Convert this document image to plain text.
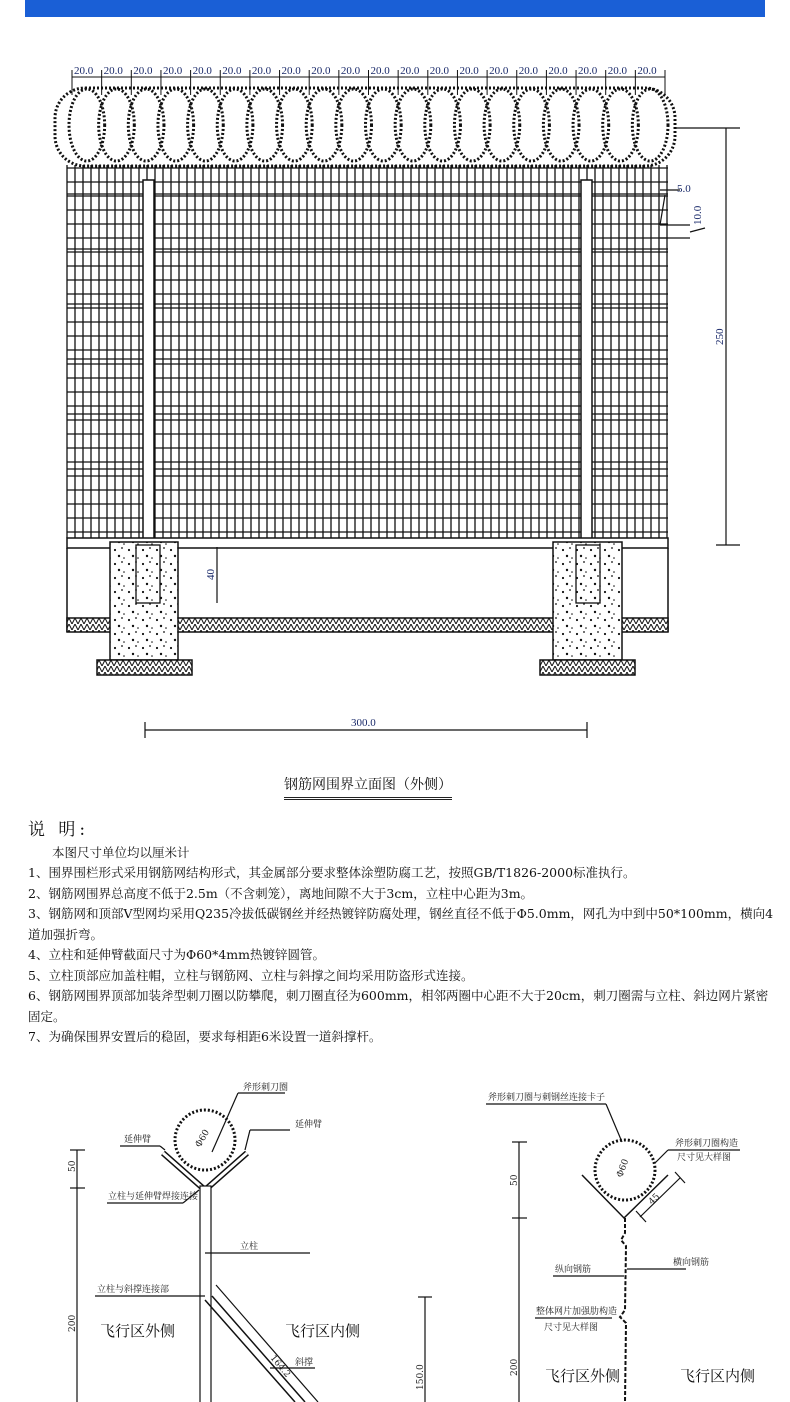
20.0 20.0 20.0 20.0 20.0 20.0 20.0 20.0 20.0 20.0 20.0 20.0 20.0 20.0 20.0 20.0 20.0 20.0 20.0 20.0
250
5.0
10.0
40
300.0
斧形刺刀圈
延伸臂
延伸臂
Φ60
立柱与延伸臂焊接连接
立柱
立柱与斜撑连接部
斜撑
164.2
50
200
150.0
斧形刺刀圈与刺钢丝连接卡子
斧形刺刀圈构造
尺寸见大样图
Φ60
45
横向钢筋
纵向钢筋
整体网片加强肋构造
尺寸见大样图
50
200
钢筋网围界立面图（外侧）
说 明:

本图尺寸单位均以厘米计

1、围界围栏形式采用钢筋网结构形式，其金属部分要求整体涂塑防腐工艺，按照GB/T1826-2000标准执行。

2、钢筋网围界总高度不低于2.5m（不含刺笼），离地间隙不大于3cm，立柱中心距为3m。

3、钢筋网和顶部V型网均采用Q235冷拔低碳钢丝并经热镀锌防腐处理，钢丝直径不低于Φ5.0mm，网孔为中到中50*100mm，横向4道加强折弯。

4、立柱和延伸臂截面尺寸为Φ60*4mm热镀锌圆管。

5、立柱顶部应加盖柱帽，立柱与钢筋网、立柱与斜撑之间均采用防盗形式连接。

6、钢筋网围界顶部加装斧型刺刀圈以防攀爬，刺刀圈直径为600mm，相邻两圈中心距不大于20cm，刺刀圈需与立柱、斜边网片紧密固定。

7、为确保围界安置后的稳固，要求每相距6米设置一道斜撑杆。

飞行区外侧	飞行区内侧
飞行区外侧	飞行区内侧
